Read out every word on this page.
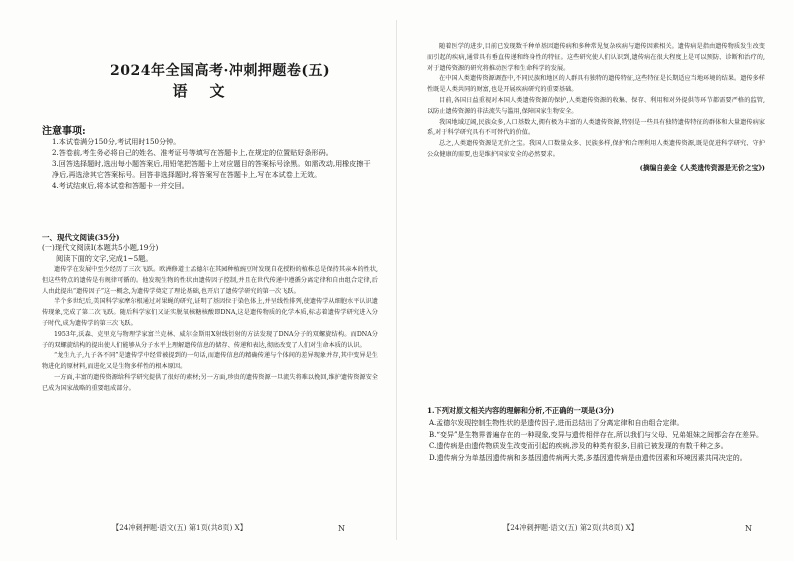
2024年全国高考·冲刺押题卷(五)
语文
注意事项:
1.本试卷满分150分,考试用时150分钟。
2.答卷前,考生务必将自己的姓名、准考证号等填写在答题卡上,在规定的位置贴好条形码。
3.回答选择题时,选出每小题答案后,用铅笔把答题卡上对应题目的答案标号涂黑。如需改动,用橡皮擦干净后,再选涂其它答案标号。回答非选择题时,将答案写在答题卡上,写在本试卷上无效。
4.考试结束后,将本试卷和答题卡一并交回。
一、现代文阅读(35分)
(一)现代文阅读Ⅰ(本题共5小题,19分)
阅读下面的文字,完成1~5题。

遗传学在发展中至少经历了三次飞跃。欧洲修道士孟德尔在其园种植豌豆时发现自花授粉的植株总是保持其亲本的性状,但这些特点的遗传是有规律可循的。他发现生物的性状由遗传因子控制,并且在世代传递中遵循分离定律和自由组合定律,后人由此提出“遗传因子”这一概念,为遗传学奠定了理论基础,也开启了遗传学研究的第一次飞跃。

半个多世纪后,美国科学家摩尔根通过对果蝇的研究,证明了基因位于染色体上,并呈线性排列,使遗传学从细胞水平认识遗传现象,完成了第二次飞跃。随后科学家们又证实脱氧核糖核酸即DNA,这是遗传物质的化学本质,标志着遗传学研究进入分子时代,成为遗传学的第三次飞跃。

1953年,沃森、克里克与物理学家富兰克林、威尔金斯用X射线衍射的方法发现了DNA分子的双螺旋结构。而DNA分子的双螺旋结构的提出使人们能够从分子水平上理解遗传信息的储存、传递和表达,彻底改变了人们对生命本质的认识。

“龙生九子,九子各不同”是遗传学中经常被提到的一句话,而遗传信息的精确传递与个体间的差异现象并存,其中变异是生物进化的原材料,而进化又是生物多样性的根本原因。

一方面,丰富的遗传资源给科学研究提供了很好的素材;另一方面,珍贵的遗传资源一旦流失将难以挽回,维护遗传资源安全已成为国家战略的重要组成部分。

【24冲刺押题·语文(五) 第1页(共8页) X】	N

随着医学的进步,目前已发现数千种单基因遗传病和多种常见复杂疾病与遗传因素相关。遗传病是指由遗传物质发生改变而引起的疾病,通常具有垂直传递和终身性的特征。这些研究使人们认识到,遗传病在很大程度上是可以预防、诊断和治疗的,对于遗传资源的研究将推动医学和生命科学的发展。

在中国人类遗传资源调查中,不同民族和地区的人群具有独特的遗传特征,这些特征是长期适应当地环境的结果。遗传多样性既是人类共同的财富,也是开展疾病研究的重要基础。

目前,各国日益重视对本国人类遗传资源的保护,人类遗传资源的收集、保存、利用和对外提供等环节都需要严格的监管,以防止遗传资源的非法流失与滥用,保障国家生物安全。

我国地域辽阔,民族众多,人口基数大,拥有极为丰富的人类遗传资源,特别是一些具有独特遗传特征的群体和大量遗传病家系,对于科学研究具有不可替代的价值。

总之,人类遗传资源是无价之宝。我国人口数量众多、民族多样,保护和合理利用人类遗传资源,既是促进科学研究、守护公众健康的需要,也是维护国家安全的必然要求。

(摘编自姜金《人类遗传资源是无价之宝》)

1.下列对原文相关内容的理解和分析,不正确的一项是(3分)

A.孟德尔发现控制生物性状的是遗传因子,进而总结出了分离定律和自由组合定律。

B.“变异”是生物界普遍存在的一种现象,变异与遗传相伴存在,所以我们与父母、兄弟姐妹之间都会存在差异。

C.遗传病是由遗传物质发生改变而引起的疾病,涉及的种类有很多,目前已被发现的有数千种之多。

D.遗传病分为单基因遗传病和多基因遗传病两大类,多基因遗传病是由遗传因素和环境因素共同决定的。

【24冲刺押题·语文(五) 第2页(共8页) X】	N
